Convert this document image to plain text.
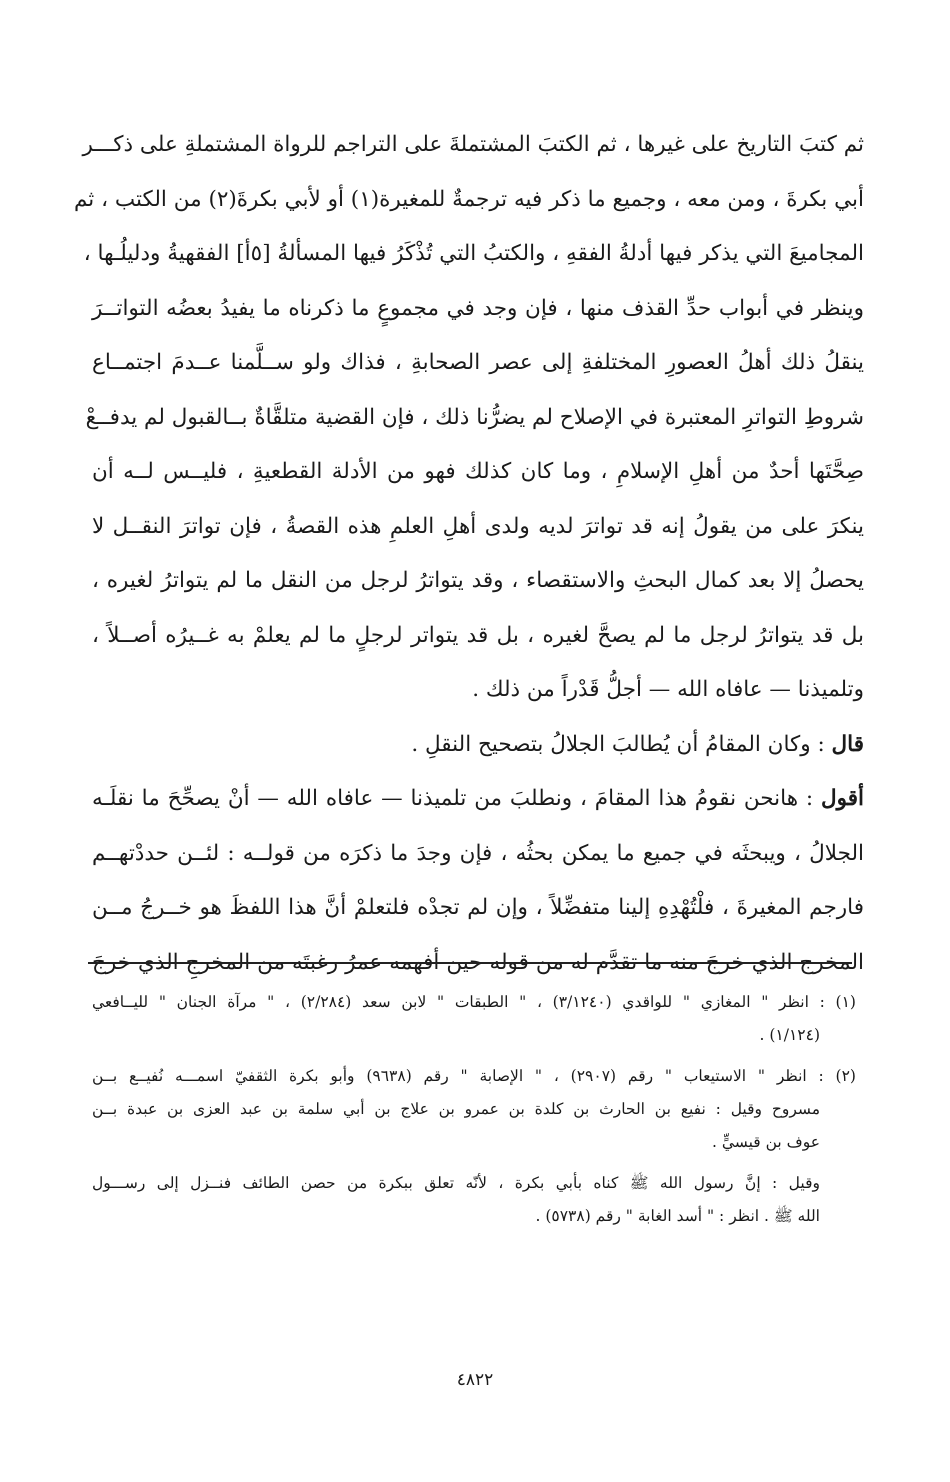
ثم كتبَ التاريخ على غيرها ، ثم الكتبَ المشتملةَ على التراجم للرواة المشتملةِ على ذكـــر
أبي بكرةَ ، ومن معه ، وجميع ما ذكر فيه ترجمةٌ للمغيرة(١) أو لأبي بكرةَ(٢) من الكتب ، ثم
المجاميعَ التي يذكر فيها أدلةُ الفقهِ ، والكتبُ التي تُذْكَرُ فيها المسألةُ [٥أ] الفقهيةُ ودليلُـها ،
وينظر في أبواب حدِّ القذف منها ، فإن وجد في مجموعٍ ما ذكرناه ما يفيدُ بعضُه التواتــرَ
ينقلُ ذلك أهلُ العصورِ المختلفةِ إلى عصر الصحابةِ ، فذاك ولو ســلَّمنا عــدمَ اجتمــاع
شروطِ التواترِ المعتبرة في الإصلاح لم يضرُّنا ذلك ، فإن القضية متلقَّاةٌ بــالقبول لم يدفــعْ
صِحَّتَها أحدٌ من أهلِ الإسلامِ ، وما كان كذلك فهو من الأدلة القطعيةِ ، فليــس لــه أن
ينكرَ على من يقولُ إنه قد تواترَ لديه ولدى أهلِ العلمِ هذه القصةُ ، فإن تواترَ النقــل لا
يحصلُ إلا بعد كمال البحثِ والاستقصاء ، وقد يتواترُ لرجل من النقل ما لم يتواترُ لغيره ،
بل قد يتواترُ لرجل ما لم يصحَّ لغيره ، بل قد يتواتر لرجلٍ ما لم يعلمْ به غــيرُه أصــلاً ،
وتلميذنا — عافاه الله — أجلُّ قَدْراً من ذلك .
قال : وكان المقامُ أن يُطالبَ الجلالُ بتصحيح النقلِ .
أقول : هانحن نقومُ هذا المقامَ ، ونطلبَ من تلميذنا — عافاه الله — أنْ يصحِّحَ ما نقلَـه
الجلالُ ، ويبحثَه في جميع ما يمكن بحثُه ، فإن وجدَ ما ذكرَه من قولــه : لئــن حددْتهــم
فارجم المغيرةَ ، فلْتُهْدِهِ إلينا متفضِّلاً ، وإن لم تجدْه فلتعلمْ أنَّ هذا اللفظَ هو خــرجُ مــن
المخرج الذي خرجَ منه ما تقدَّم له من قوله حين أفهمه عمرُ رغبتَه من المخرجِ الذي خرجَ
(١) : انظر " المغازي " للواقدي (٣/١٢٤٠) ، " الطبقات " لابن سعد (٢/٢٨٤) ، " مرآة الجنان " لليــافعي
(١/١٢٤) .
(٢) : انظر " الاستيعاب " رقم (٢٩٠٧) ، " الإصابة " رقم (٩٦٣٨) وأبو بكرة الثقفيّ اسمـــه نُفيــع بــن
مسروح وقيل : نفيع بن الحارث بن كلدة بن عمرو بن علاج بن أبي سلمة بن عبد العزى بن عبدة بــن
عوف بن قيسيٍّ .
وقيل : إنَّ رسول الله ﷺ كناه بأبي بكرة ، لأنّه تعلق ببكرة من حصن الطائف فنــزل إلى رســـول
الله ﷺ . انظر : " أسد الغابة " رقم (٥٧٣٨) .
٤٨٢٢
